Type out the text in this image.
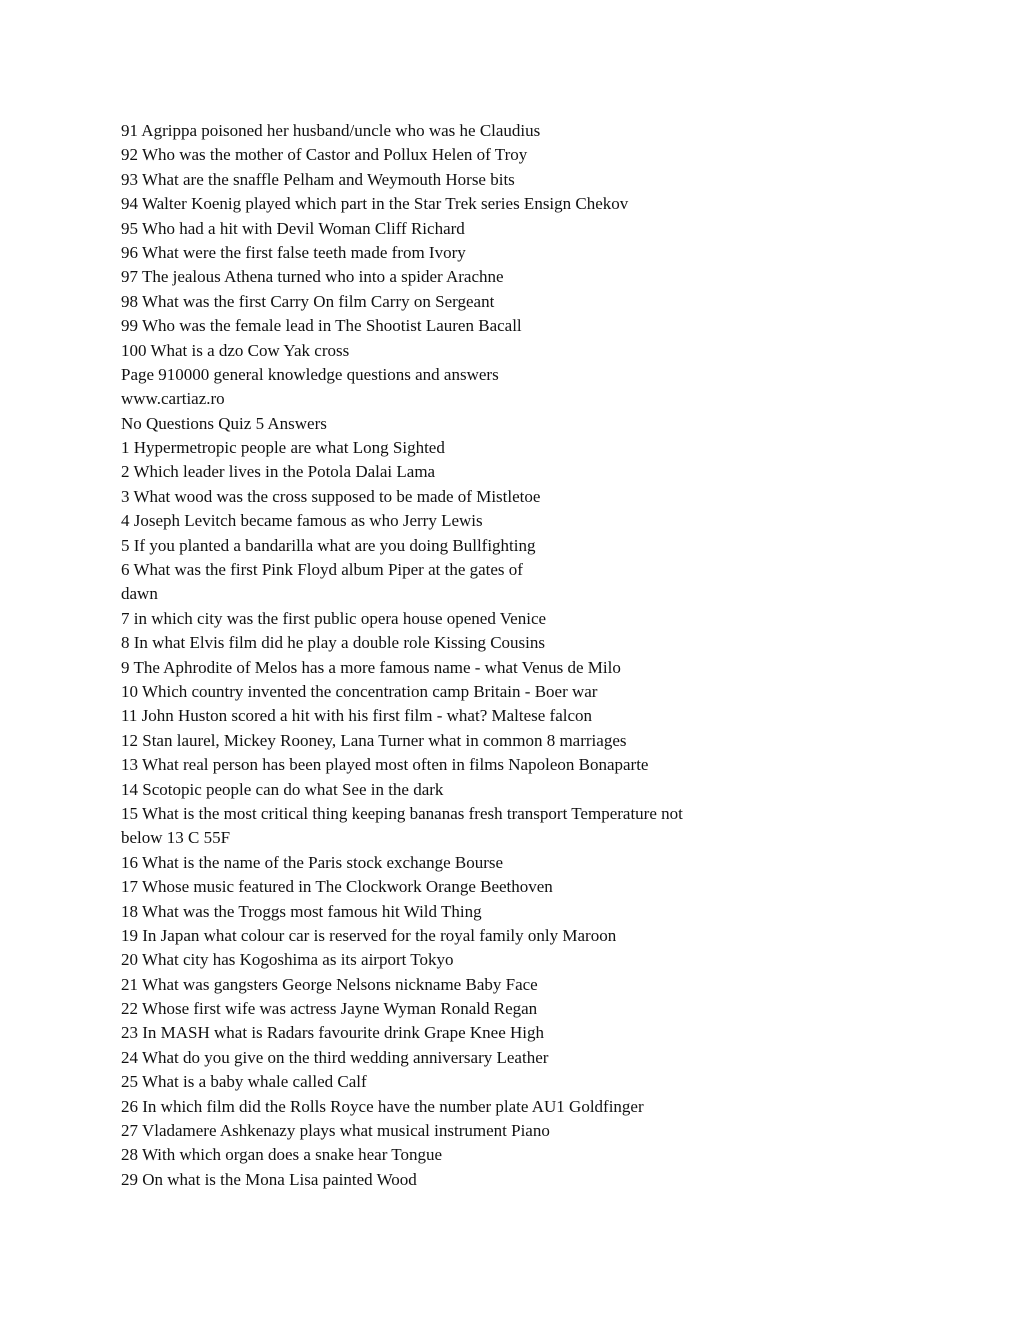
91 Agrippa poisoned her husband/uncle who was he Claudius
92 Who was the mother of Castor and Pollux Helen of Troy
93 What are the snaffle Pelham and Weymouth Horse bits
94 Walter Koenig played which part in the Star Trek series Ensign Chekov
95 Who had a hit with Devil Woman Cliff Richard
96 What were the first false teeth made from Ivory
97 The jealous Athena turned who into a spider Arachne
98 What was the first Carry On film Carry on Sergeant
99 Who was the female lead in The Shootist Lauren Bacall
100 What is a dzo Cow Yak cross
Page 910000 general knowledge questions and answers
www.cartiaz.ro
No Questions Quiz 5 Answers
1 Hypermetropic people are what Long Sighted
2 Which leader lives in the Potola Dalai Lama
3 What wood was the cross supposed to be made of Mistletoe
4 Joseph Levitch became famous as who Jerry Lewis
5 If you planted a bandarilla what are you doing Bullfighting
6 What was the first Pink Floyd album Piper at the gates of
dawn
7 in which city was the first public opera house opened Venice
8 In what Elvis film did he play a double role Kissing Cousins
9 The Aphrodite of Melos has a more famous name - what Venus de Milo
10 Which country invented the concentration camp Britain - Boer war
11 John Huston scored a hit with his first film - what? Maltese falcon
12 Stan laurel, Mickey Rooney, Lana Turner what in common 8 marriages
13 What real person has been played most often in films Napoleon Bonaparte
14 Scotopic people can do what See in the dark
15 What is the most critical thing keeping bananas fresh transport Temperature not
below 13 C 55F
16 What is the name of the Paris stock exchange Bourse
17 Whose music featured in The Clockwork Orange Beethoven
18 What was the Troggs most famous hit Wild Thing
19 In Japan what colour car is reserved for the royal family only Maroon
20 What city has Kogoshima as its airport Tokyo
21 What was gangsters George Nelsons nickname Baby Face
22 Whose first wife was actress Jayne Wyman Ronald Regan
23 In MASH what is Radars favourite drink Grape Knee High
24 What do you give on the third wedding anniversary Leather
25 What is a baby whale called Calf
26 In which film did the Rolls Royce have the number plate AU1 Goldfinger
27 Vladamere Ashkenazy plays what musical instrument Piano
28 With which organ does a snake hear Tongue
29 On what is the Mona Lisa painted Wood
